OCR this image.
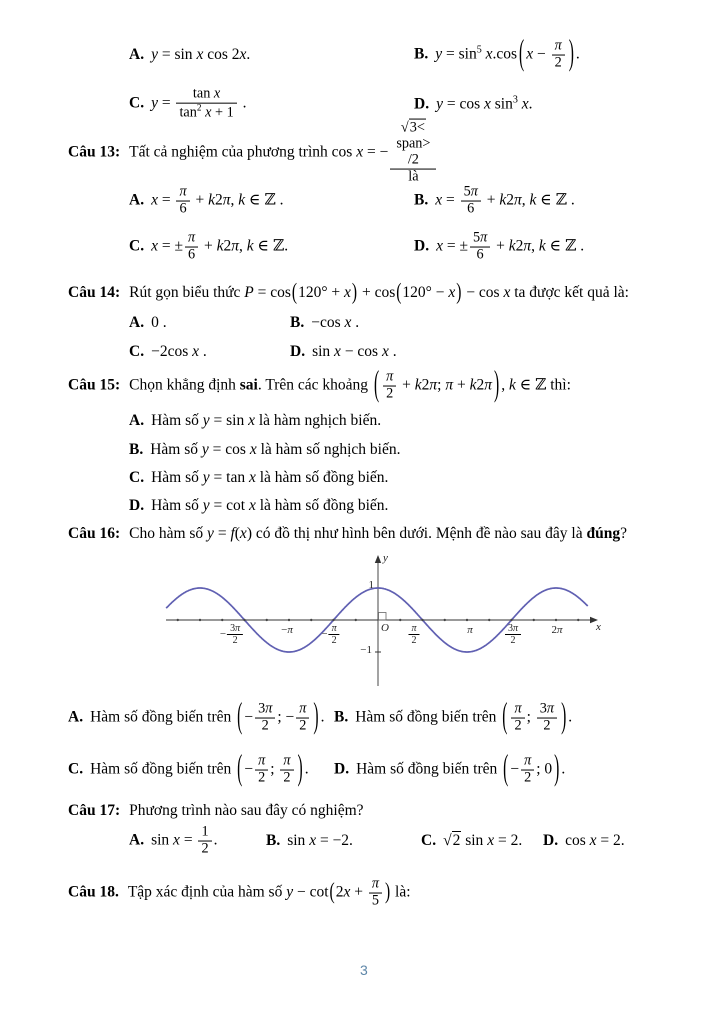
A. y = sin x cos 2x.	B. $y = \sin^5 x.\cos$ ( $x - \frac{\pi}{2}$ ) .
C. $y = \frac{\text{tan x}}{\tan^2 x + 1}$ .	D. y = cos x $\sin^3 x$.
Câu 13: Tất cả nghiệm của phương trình cos x = −
√3<
span>
/2
là
A. $x = \frac{\pi}{6} + k2\pi$, k ∈ ℤ .	B. $x = \frac{5\pi}{6} + k2\pi$, k ∈ ℤ .
C. x = ± $\frac{\pi}{6} + k2\pi$, k ∈ ℤ.	D. x = ± $\frac{5\pi}{6} + k2\pi$, k ∈ ℤ .
Câu 14: Rút gọn biểu thức P = cos(120° + x) + cos(120° − x) − cos x ta được kết quả là:
A. 0 .	B. −cos x .
C. −2cos x .	D. sin x − cos x .
Câu 15: Chọn khẳng định sai. Trên các khoảng ( $\frac{\pi}{2} + k2\pi$; π + k2π ) , k ∈ ℤ thì:
A. Hàm số y = sin x là hàm nghịch biến.
B. Hàm số y = cos x là hàm số nghịch biến.
C. Hàm số y = tan x là hàm số đồng biến.
D. Hàm số y = cot x là hàm số đồng biến.
Câu 16: Cho hàm số y = f(x) có đồ thị như hình bên dưới. Mệnh đề nào sau đây là đúng?
− $\frac{3\pi}{2}$	−π	− $\frac{\pi}{2}$	$\frac{\pi}{2}$	π	$\frac{3\pi}{2}$	2π
1
−1
O
y
x
A. Hàm số đồng biến trên ( − $\frac{3\pi}{2}$ ; − $\frac{\pi}{2}$ ) . B. Hàm số đồng biến trên ( $\frac{\pi}{2}$ ; $\frac{3\pi}{2}$ ) .
C. Hàm số đồng biến trên ( − $\frac{\pi}{2}$ ; $\frac{\pi}{2}$ ) . D. Hàm số đồng biến trên ( − $\frac{\pi}{2}$ ; 0 ) .
Câu 17: Phương trình nào sau đây có nghiệm?
A. $\sin x = \frac{1}{2}$ .	B. sin x = −2.	C. √2 sin x = 2. D. cos x = 2.
Câu 18. Tập xác định của hàm số $y - \cot(2x + \frac{\pi}{5}$ ) là:
3
